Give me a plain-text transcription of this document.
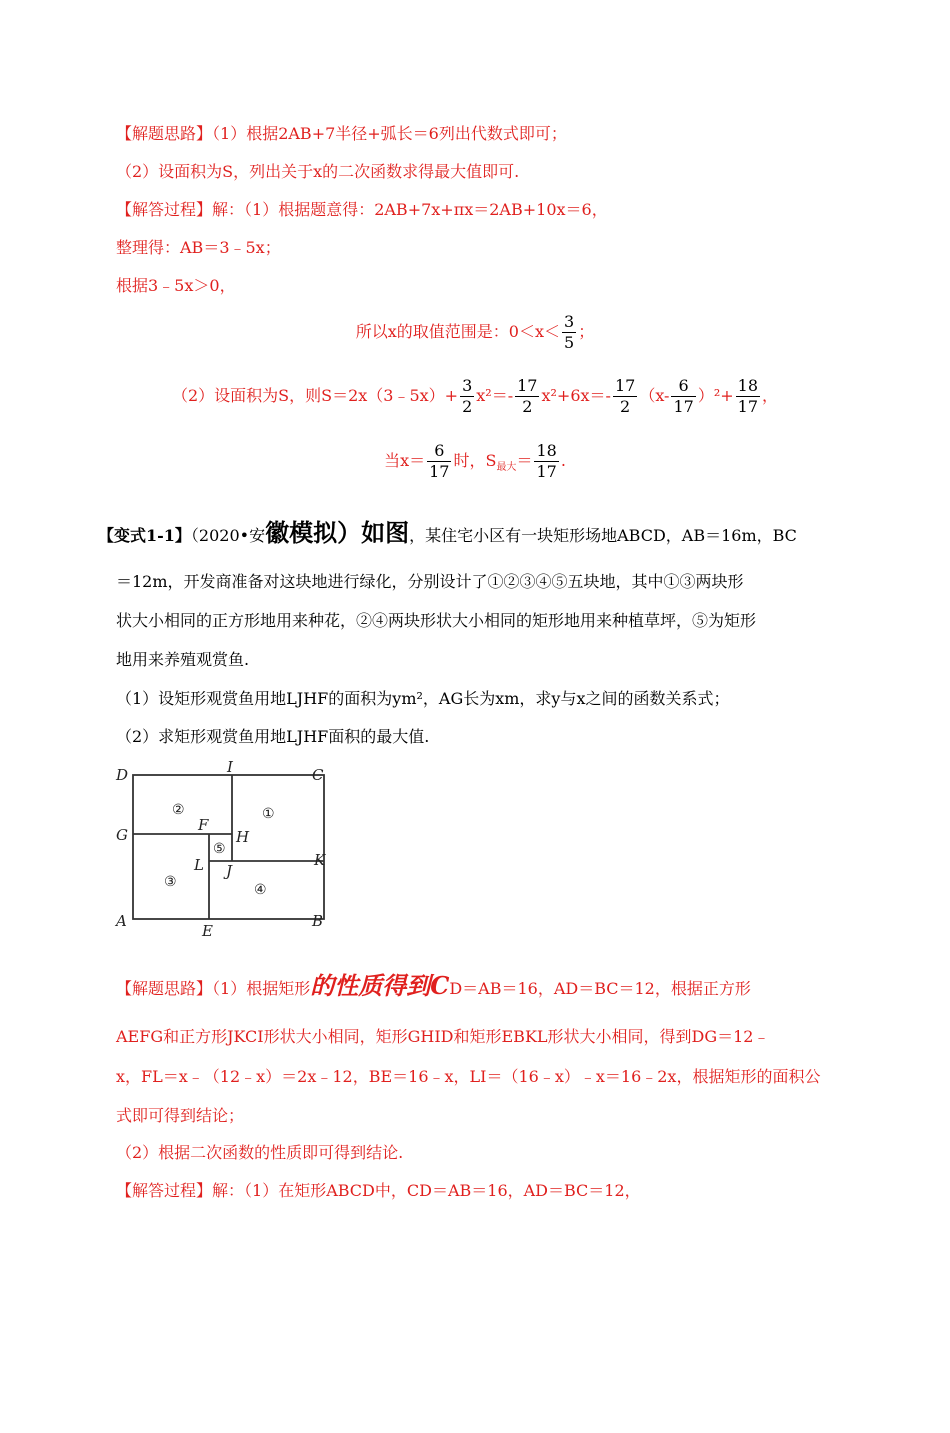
【解题思路】（1）根据2AB+7半径+弧长＝6列出代数式即可；
（2）设面积为S，列出关于x的二次函数求得最大值即可.
【解答过程】解：（1）根据题意得：2AB+7x+πx＝2AB+10x＝6，
整理得：AB＝3﹣5x；
根据3﹣5x＞0，
所以x的取值范围是：$0<x< \frac{3}{5}$ ；
（2）设面积为S，则S＝2x（3﹣5x）+ $\frac{3}{2} x^2=- \frac{17}{2} x^2+6x=- \frac{17}{2} (x- \frac{6}{17} )^2+ \frac{18}{17}$ ，
当$x= \frac{6}{17}$ 时，$S_{最大}= \frac{18}{17}$ .
【变式1-1】（2020•安徽模拟）如图，某住宅小区有一块矩形场地ABCD，AB＝16m，BC
＝12m，开发商准备对这块地进行绿化，分别设计了①②③④⑤五块地，其中①③两块形
状大小相同的正方形地用来种花，②④两块形状大小相同的矩形地用来种植草坪，⑤为矩形
地用来养殖观赏鱼.
（1）设矩形观赏鱼用地LJHF的面积为ym²，AG长为xm，求y与x之间的函数关系式；
（2）求矩形观赏鱼用地LJHF面积的最大值.
D	I	C
G
F
H
K
L J
A
E
B
①
②
③	④
⑤
【解题思路】（1）根据矩形的性质得到CD＝AB＝16，AD＝BC＝12，根据正方形
AEFG和正方形JKCI形状大小相同，矩形GHID和矩形EBKL形状大小相同，得到DG＝12﹣
x，FL＝x﹣（12﹣x）＝2x﹣12，BE＝16﹣x，LI＝（16﹣x）﹣x＝16﹣2x，根据矩形的面积公
式即可得到结论；
（2）根据二次函数的性质即可得到结论.
【解答过程】解：（1）在矩形ABCD中，CD＝AB＝16，AD＝BC＝12，
